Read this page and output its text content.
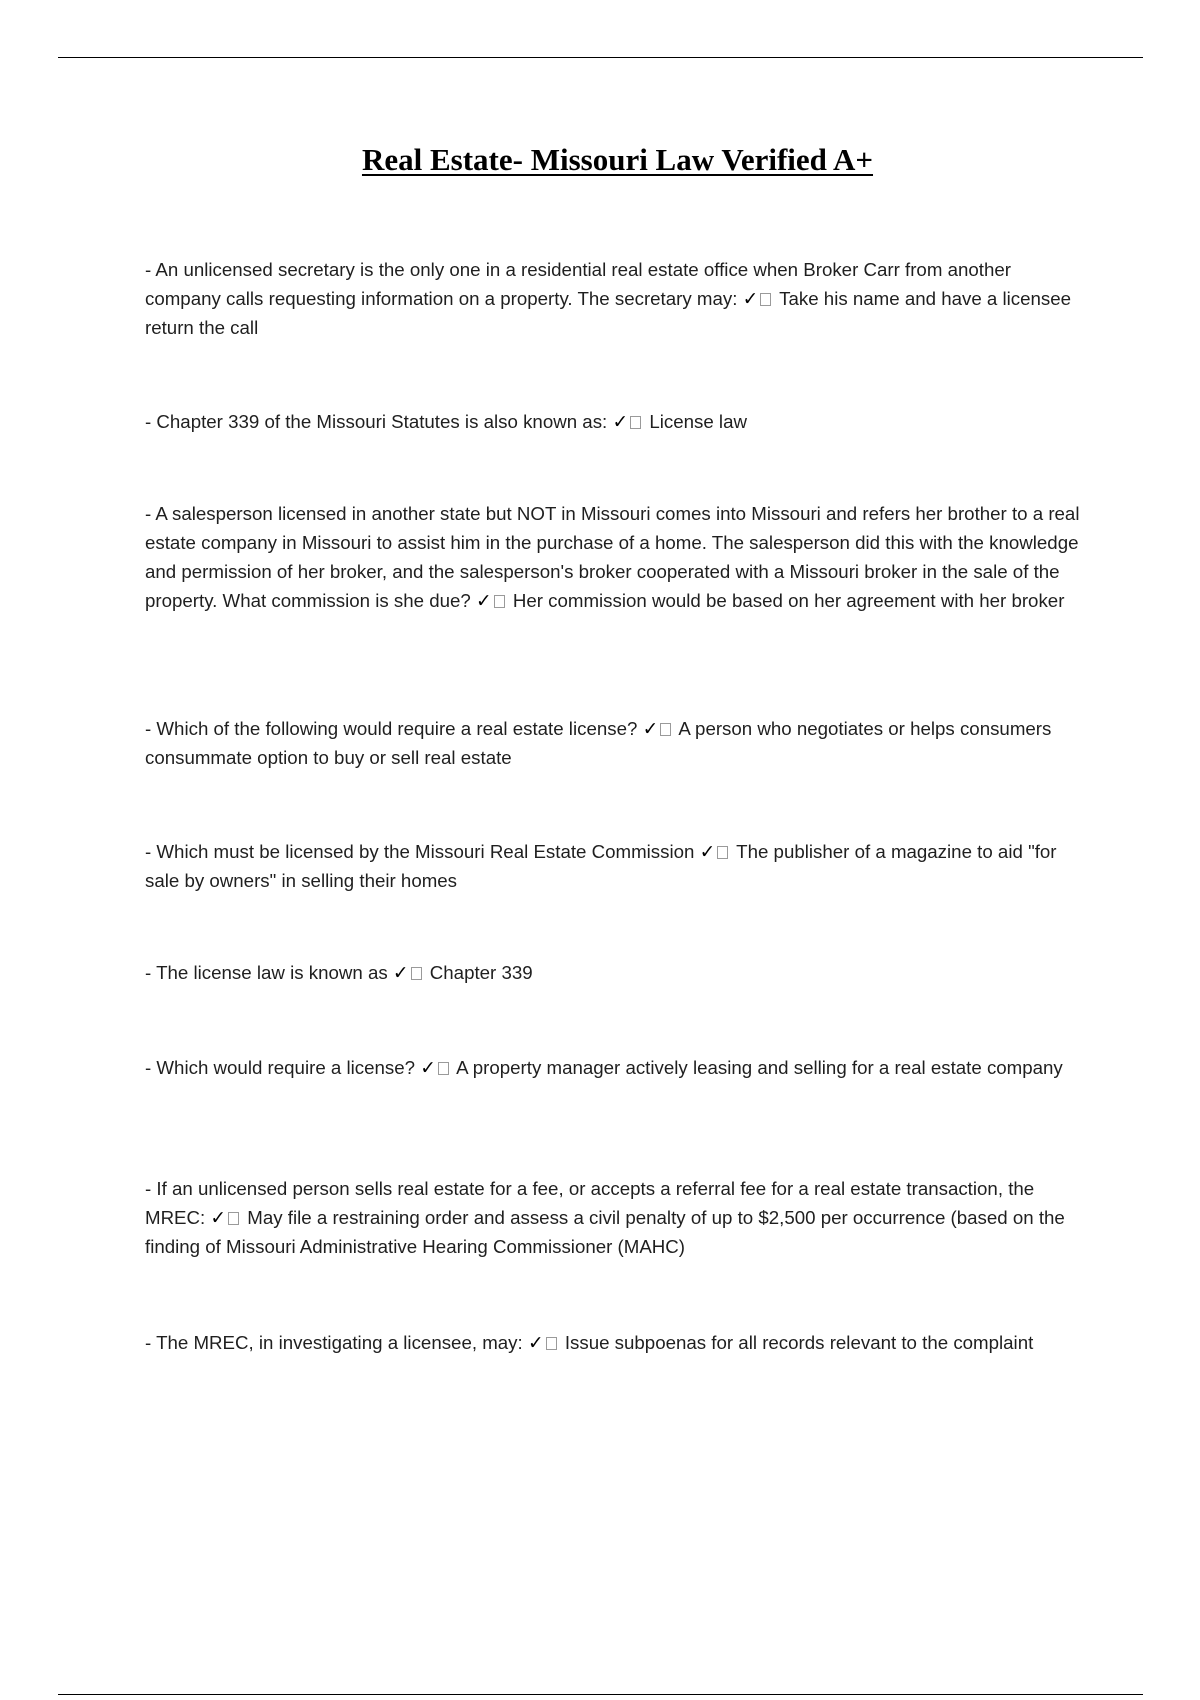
Real Estate- Missouri Law Verified A+

- An unlicensed secretary is the only one in a residential real estate office when Broker Carr from another company calls requesting information on a property. The secretary may: ✓ Take his name and have a licensee return the call

- Chapter 339 of the Missouri Statutes is also known as: ✓ License law

- A salesperson licensed in another state but NOT in Missouri comes into Missouri and refers her brother to a real estate company in Missouri to assist him in the purchase of a home. The salesperson did this with the knowledge and permission of her broker, and the salesperson's broker cooperated with a Missouri broker in the sale of the property. What commission is she due? ✓ Her commission would be based on her agreement with her broker

- Which of the following would require a real estate license? ✓ A person who negotiates or helps consumers consummate option to buy or sell real estate

- Which must be licensed by the Missouri Real Estate Commission ✓ The publisher of a magazine to aid "for sale by owners" in selling their homes

- The license law is known as ✓ Chapter 339

- Which would require a license? ✓ A property manager actively leasing and selling for a real estate company

- If an unlicensed person sells real estate for a fee, or accepts a referral fee for a real estate transaction, the MREC: ✓ May file a restraining order and assess a civil penalty of up to $2,500 per occurrence (based on the finding of Missouri Administrative Hearing Commissioner (MAHC)

- The MREC, in investigating a licensee, may: ✓ Issue subpoenas for all records relevant to the complaint
